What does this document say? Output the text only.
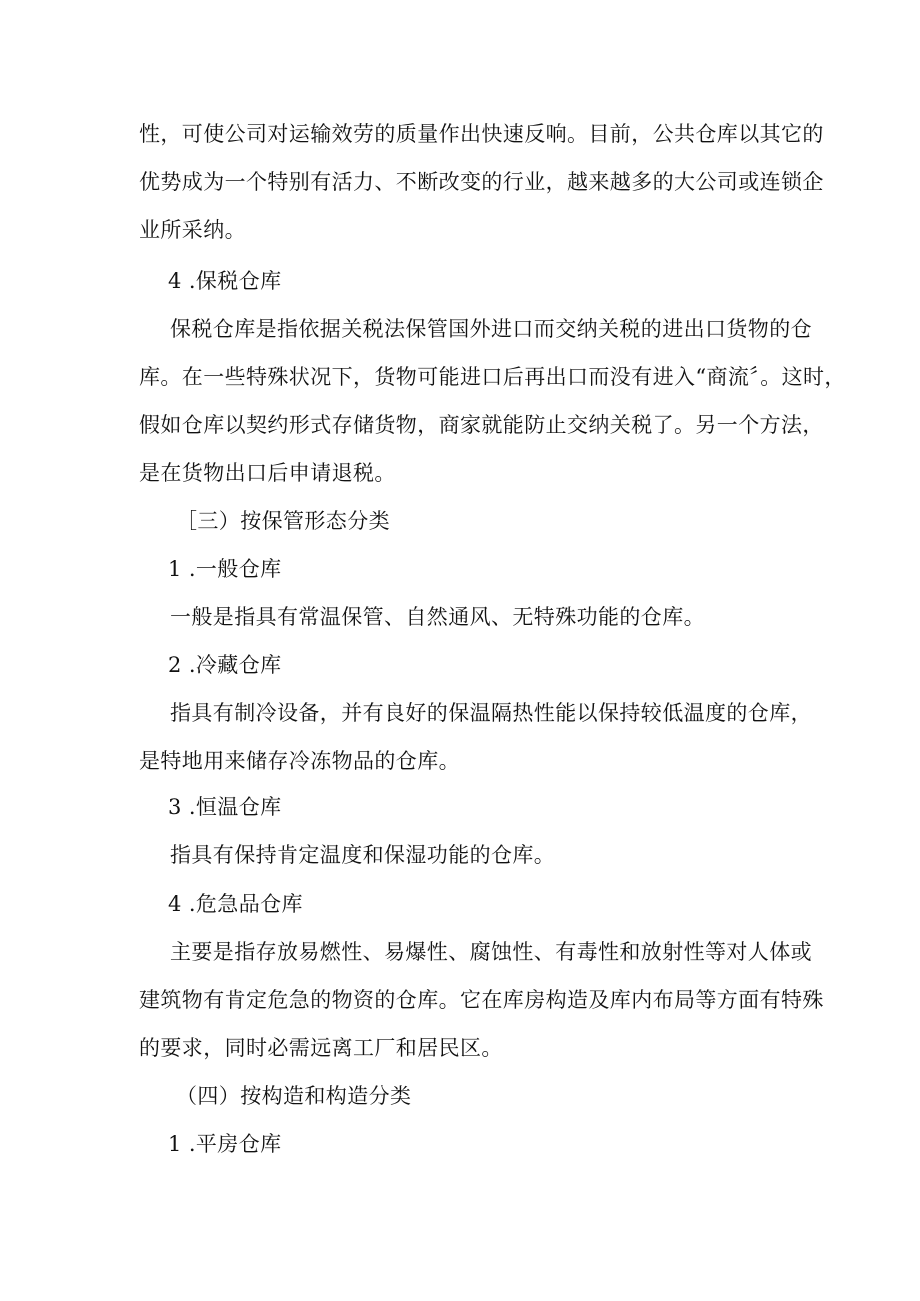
性，可使公司对运输效劳的质量作出快速反响。目前，公共仓库以其它的
优势成为一个特别有活力、不断改变的行业，越来越多的大公司或连锁企
业所采纳。
4 .保税仓库
保税仓库是指依据关税法保管国外进口而交纳关税的进出口货物的仓
库。在一些特殊状况下，货物可能进口后再出口而没有进入“商流〞。这时，
假如仓库以契约形式存储货物，商家就能防止交纳关税了。另一个方法，
是在货物出口后申请退税。
［三）按保管形态分类
1 .一般仓库
一般是指具有常温保管、自然通风、无特殊功能的仓库。
2 .冷藏仓库
指具有制冷设备，并有良好的保温隔热性能以保持较低温度的仓库，
是特地用来储存冷冻物品的仓库。
3 .恒温仓库
指具有保持肯定温度和保湿功能的仓库。
4 .危急品仓库
主要是指存放易燃性、易爆性、腐蚀性、有毒性和放射性等对人体或
建筑物有肯定危急的物资的仓库。它在库房构造及库内布局等方面有特殊
的要求，同时必需远离工厂和居民区。
（四）按构造和构造分类
1 .平房仓库
